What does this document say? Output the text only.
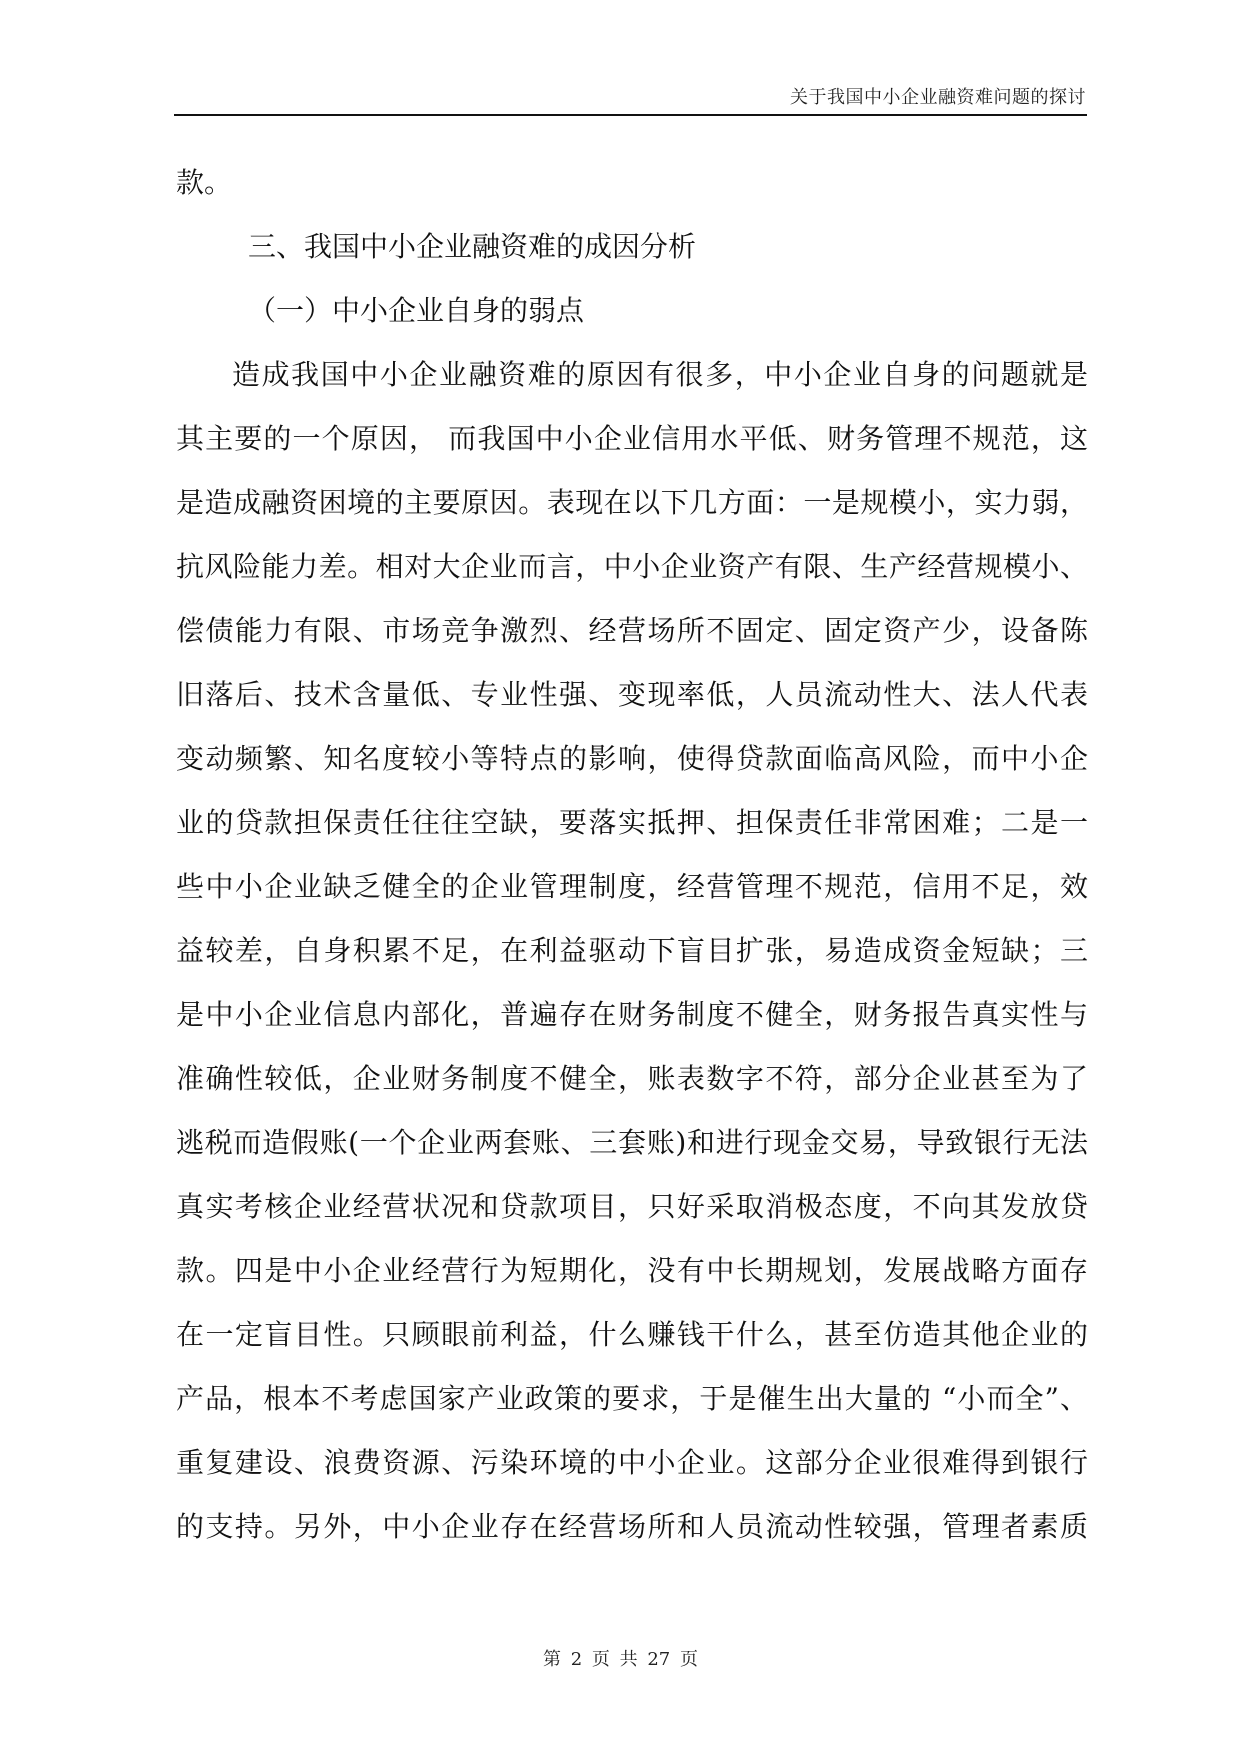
关于我国中小企业融资难问题的探讨
款。
三、我国中小企业融资难的成因分析
（一）中小企业自身的弱点
造成我国中小企业融资难的原因有很多，中小企业自身的问题就是
其主要的一个原因， 而我国中小企业信用水平低、财务管理不规范，这
是造成融资困境的主要原因。表现在以下几方面：一是规模小，实力弱，
抗风险能力差。相对大企业而言，中小企业资产有限、生产经营规模小、
偿债能力有限、市场竞争激烈、经营场所不固定、固定资产少，设备陈
旧落后、技术含量低、专业性强、变现率低，人员流动性大、法人代表
变动频繁、知名度较小等特点的影响，使得贷款面临高风险，而中小企
业的贷款担保责任往往空缺，要落实抵押、担保责任非常困难；二是一
些中小企业缺乏健全的企业管理制度，经营管理不规范，信用不足，效
益较差，自身积累不足，在利益驱动下盲目扩张，易造成资金短缺；三
是中小企业信息内部化，普遍存在财务制度不健全，财务报告真实性与
准确性较低，企业财务制度不健全，账表数字不符，部分企业甚至为了
逃税而造假账(一个企业两套账、三套账)和进行现金交易，导致银行无法
真实考核企业经营状况和贷款项目，只好采取消极态度，不向其发放贷
款。四是中小企业经营行为短期化，没有中长期规划，发展战略方面存
在一定盲目性。只顾眼前利益，什么赚钱干什么，甚至仿造其他企业的
产品，根本不考虑国家产业政策的要求，于是催生出大量的 “小而全”、
重复建设、浪费资源、污染环境的中小企业。这部分企业很难得到银行
的支持。另外，中小企业存在经营场所和人员流动性较强，管理者素质
第 2 页 共 27 页
